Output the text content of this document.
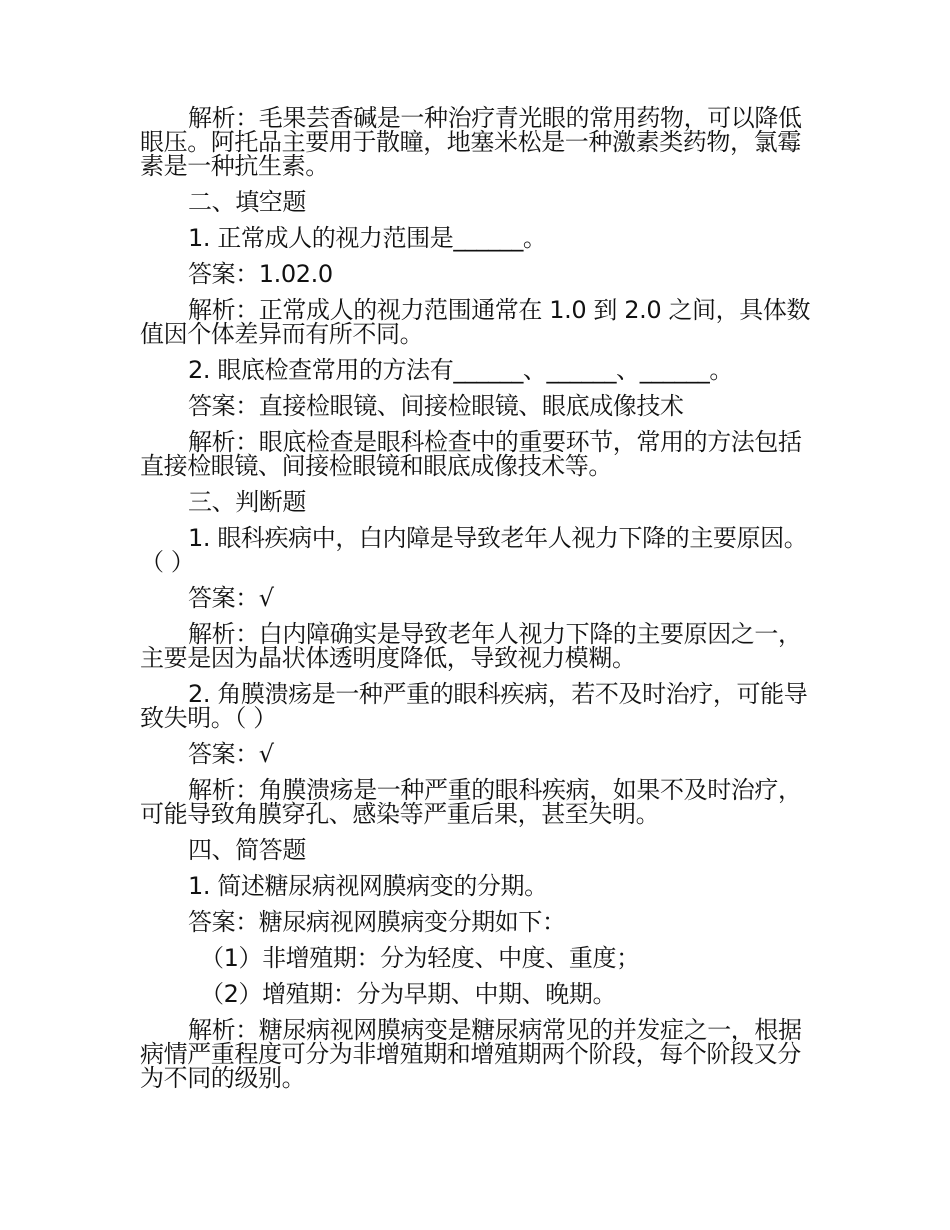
解析：毛果芸香碱是一种治疗青光眼的常用药物，可以降低眼压。阿托品主要用于散瞳，地塞米松是一种激素类药物，氯霉素是一种抗生素。

二、填空题

1. 正常成人的视力范围是______。

答案：1.02.0

解析：正常成人的视力范围通常在 1.0 到 2.0 之间，具体数值因个体差异而有所不同。

2. 眼底检查常用的方法有______、______、______。

答案：直接检眼镜、间接检眼镜、眼底成像技术

解析：眼底检查是眼科检查中的重要环节，常用的方法包括直接检眼镜、间接检眼镜和眼底成像技术等。

三、判断题

1. 眼科疾病中，白内障是导致老年人视力下降的主要原因。（ ）

答案：√

解析：白内障确实是导致老年人视力下降的主要原因之一，主要是因为晶状体透明度降低，导致视力模糊。

2. 角膜溃疡是一种严重的眼科疾病，若不及时治疗，可能导致失明。（ ）

答案：√

解析：角膜溃疡是一种严重的眼科疾病，如果不及时治疗，可能导致角膜穿孔、感染等严重后果，甚至失明。

四、简答题

1. 简述糖尿病视网膜病变的分期。

答案：糖尿病视网膜病变分期如下：

（1）非增殖期：分为轻度、中度、重度；

（2）增殖期：分为早期、中期、晚期。

解析：糖尿病视网膜病变是糖尿病常见的并发症之一，根据病情严重程度可分为非增殖期和增殖期两个阶段，每个阶段又分为不同的级别。
